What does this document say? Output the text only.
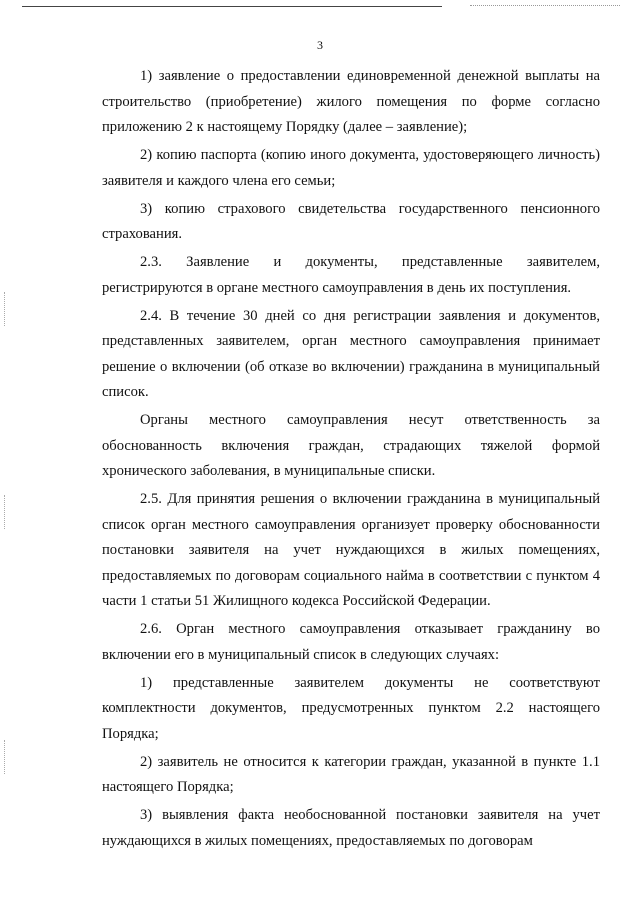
3

1) заявление о предоставлении единовременной денежной выплаты на строительство (приобретение) жилого помещения по форме согласно приложению 2 к настоящему Порядку (далее – заявление);

2) копию паспорта (копию иного документа, удостоверяющего личность) заявителя и каждого члена его семьи;

3) копию страхового свидетельства государственного пенсионного страхования.

2.3. Заявление и документы, представленные заявителем, регистрируются в органе местного самоуправления в день их поступления.

2.4. В течение 30 дней со дня регистрации заявления и документов, представленных заявителем, орган местного самоуправления принимает решение о включении (об отказе во включении) гражданина в муниципальный список.

Органы местного самоуправления несут ответственность за обоснованность включения граждан, страдающих тяжелой формой хронического заболевания, в муниципальные списки.

2.5. Для принятия решения о включении гражданина в муниципальный список орган местного самоуправления организует проверку обоснованности постановки заявителя на учет нуждающихся в жилых помещениях, предоставляемых по договорам социального найма в соответствии с пунктом 4 части 1 статьи 51 Жилищного кодекса Российской Федерации.

2.6. Орган местного самоуправления отказывает гражданину во включении его в муниципальный список в следующих случаях:

1) представленные заявителем документы не соответствуют комплектности документов, предусмотренных пунктом 2.2 настоящего Порядка;

2) заявитель не относится к категории граждан, указанной в пункте 1.1 настоящего Порядка;

3) выявления факта необоснованной постановки заявителя на учет нуждающихся в жилых помещениях, предоставляемых по договорам
